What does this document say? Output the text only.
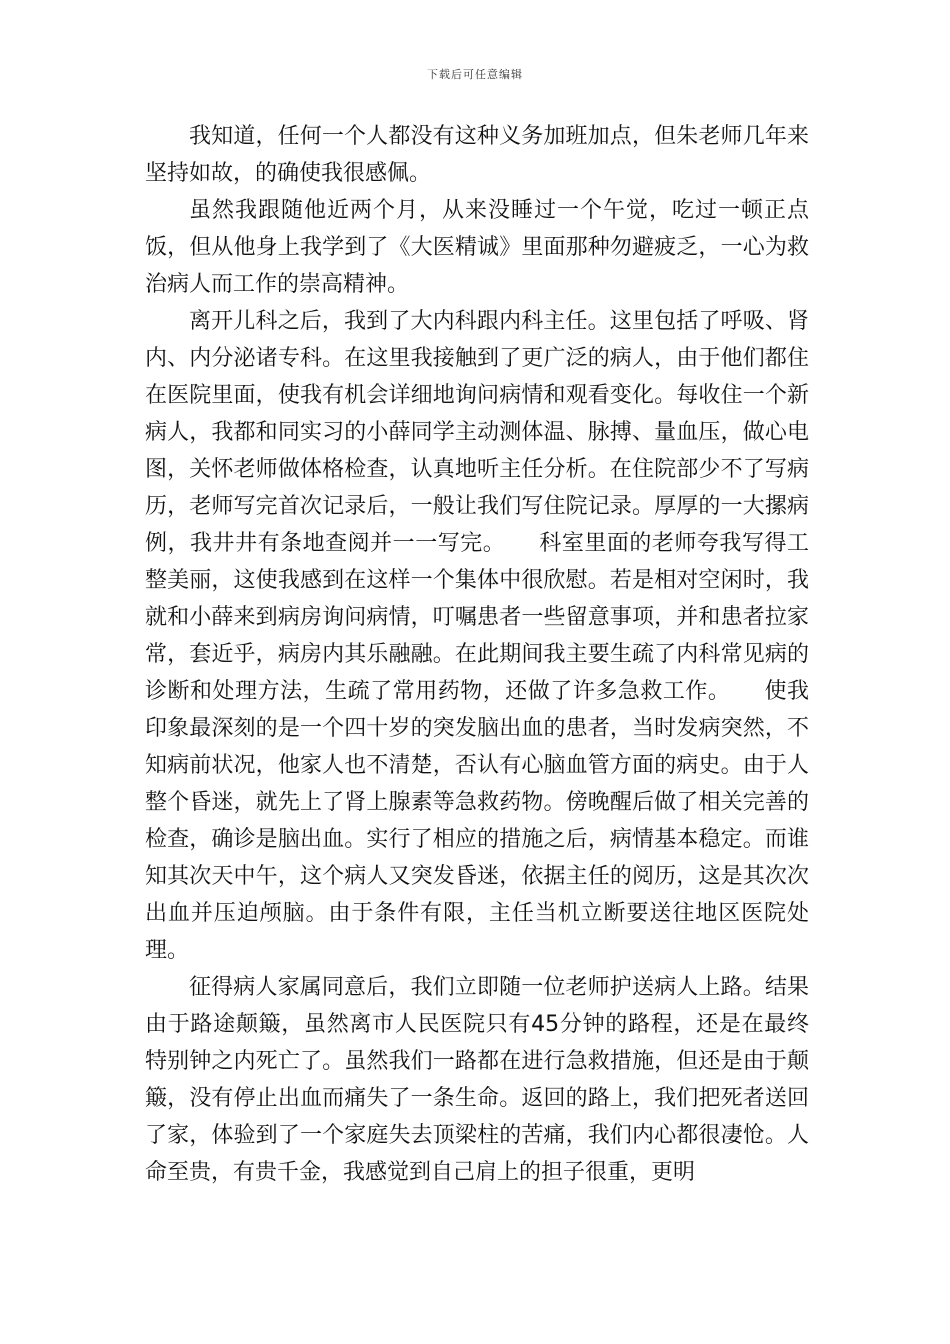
下载后可任意编辑

我知道，任何一个人都没有这种义务加班加点，但朱老师几年来坚持如故，的确使我很感佩。

虽然我跟随他近两个月，从来没睡过一个午觉，吃过一顿正点饭，但从他身上我学到了《大医精诚》里面那种勿避疲乏，一心为救治病人而工作的崇高精神。

离开儿科之后，我到了大内科跟内科主任。这里包括了呼吸、肾内、内分泌诸专科。在这里我接触到了更广泛的病人，由于他们都住在医院里面，使我有机会详细地询问病情和观看变化。每收住一个新病人，我都和同实习的小薛同学主动测体温、脉搏、量血压，做心电图，关怀老师做体格检查，认真地听主任分析。在住院部少不了写病历，老师写完首次记录后，一般让我们写住院记录。厚厚的一大摞病例，我井井有条地查阅并一一写完。　　科室里面的老师夸我写得工整美丽，这使我感到在这样一个集体中很欣慰。若是相对空闲时，我就和小薛来到病房询问病情，叮嘱患者一些留意事项，并和患者拉家常，套近乎，病房内其乐融融。在此期间我主要生疏了内科常见病的诊断和处理方法，生疏了常用药物，还做了许多急救工作。　　使我印象最深刻的是一个四十岁的突发脑出血的患者，当时发病突然，不知病前状况，他家人也不清楚，否认有心脑血管方面的病史。由于人整个昏迷，就先上了肾上腺素等急救药物。傍晚醒后做了相关完善的检查，确诊是脑出血。实行了相应的措施之后，病情基本稳定。而谁知其次天中午，这个病人又突发昏迷，依据主任的阅历，这是其次次出血并压迫颅脑。由于条件有限，主任当机立断要送往地区医院处理。

征得病人家属同意后，我们立即随一位老师护送病人上路。结果由于路途颠簸，虽然离市人民医院只有45分钟的路程，还是在最终特别钟之内死亡了。虽然我们一路都在进行急救措施，但还是由于颠簸，没有停止出血而痛失了一条生命。返回的路上，我们把死者送回了家，体验到了一个家庭失去顶梁柱的苦痛，我们内心都很凄怆。人命至贵，有贵千金，我感觉到自己肩上的担子很重，更明
